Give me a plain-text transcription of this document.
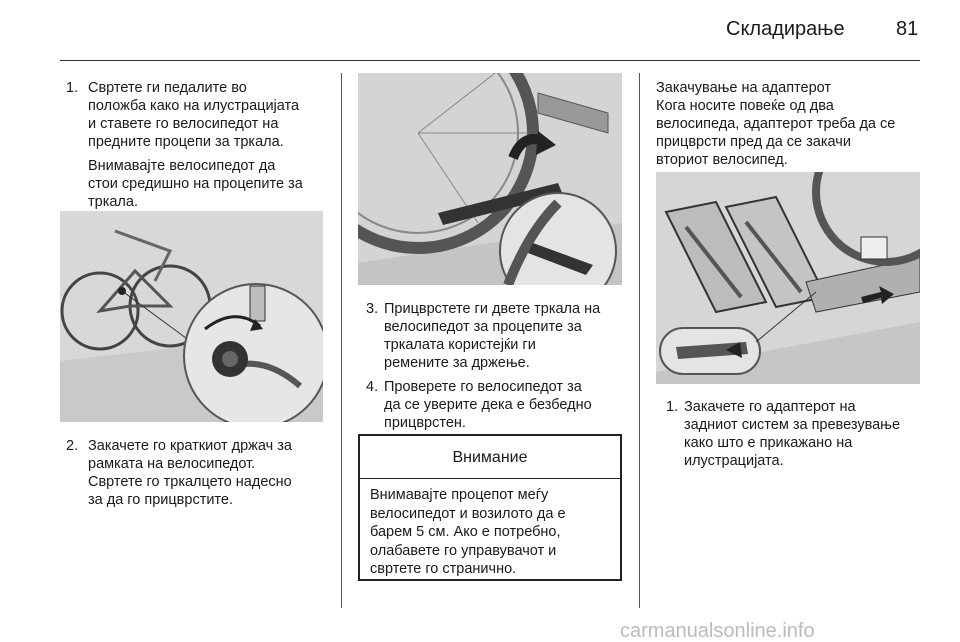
Складирање	81
1. Свртете ги педалите во
положба како на илустрацијата
и ставете го велосипедот на
предните процепи за тркала.
Внимавајте велосипедот да
стои средишно на процепите за
тркала.
2. Закачете го краткиот држач за
рамката на велосипедот.
Свртете го тркалцето надесно
за да го прицврстите.
3. Прицврстете ги двете тркала на
велосипедот за процепите за
тркалата користејќи ги
ремените за држење.
4. Проверете го велосипедот за
да се уверите дека е безбедно
прицврстен.
Внимание
Внимавајте процепот меѓу
велосипедот и возилото да е
барем 5 см. Ако е потребно,
олабавете го управувачот и
свртете го странично.
Закачување на адаптерот
Кога носите повеќе од два
велосипеда, адаптерот треба да се
прицврсти пред да се закачи
вториот велосипед.
1. Закачете го адаптерот на
задниот систем за превезување
како што е прикажано на
илустрацијата.
carmanualsonline.info
